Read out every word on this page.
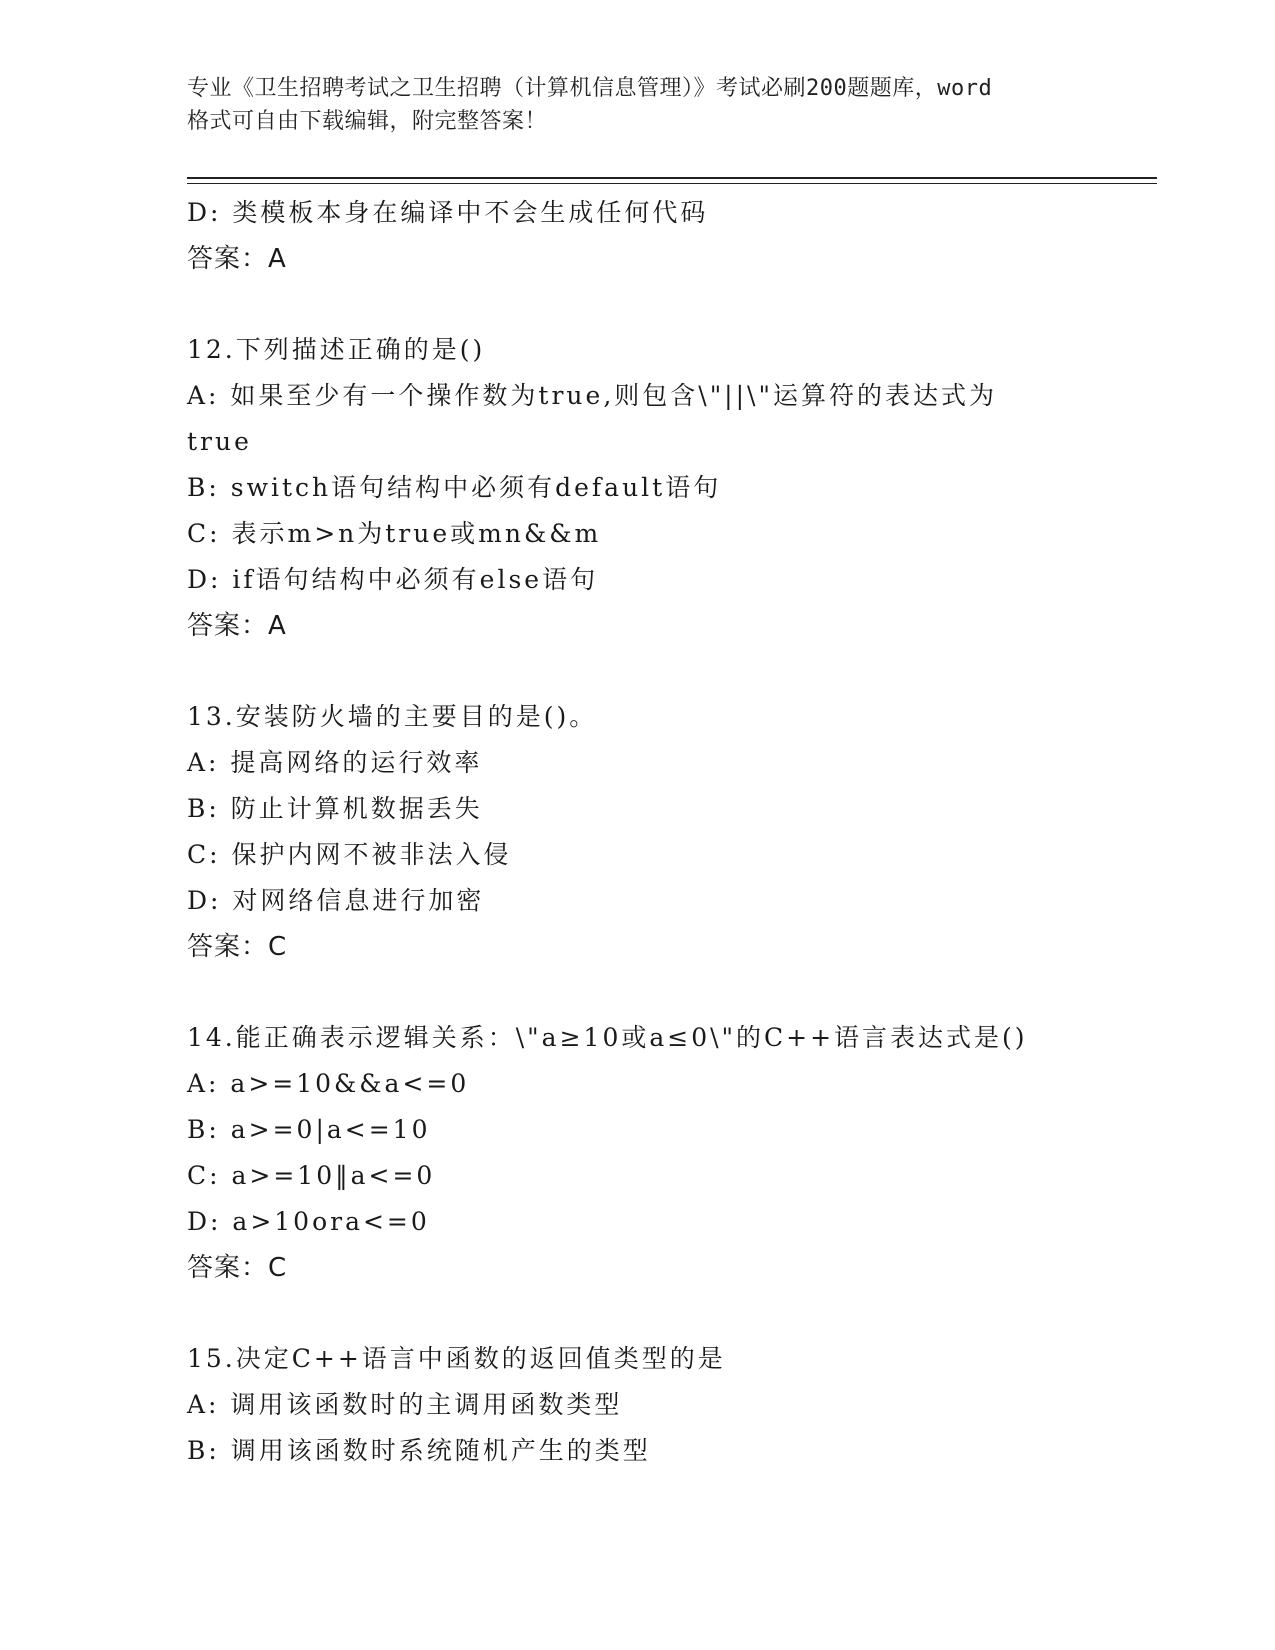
专业《卫生招聘考试之卫生招聘（计算机信息管理）》考试必刷200题题库，word
格式可自由下载编辑，附完整答案！
D: 类模板本身在编译中不会生成任何代码
答案：A
12.下列描述正确的是()
A: 如果至少有一个操作数为true,则包含\"||\"运算符的表达式为
true
B: switch语句结构中必须有default语句
C: 表示m>n为true或mn&&m
D: if语句结构中必须有else语句
答案：A
13.安装防火墙的主要目的是()。
A: 提高网络的运行效率
B: 防止计算机数据丢失
C: 保护内网不被非法入侵
D: 对网络信息进行加密
答案：C
14.能正确表示逻辑关系：\"a≥10或a≤0\"的C++语言表达式是()
A: a>=10&&a<=0
B: a>=0|a<=10
C: a>=10‖a<=0
D: a>10ora<=0
答案：C
15.决定C++语言中函数的返回值类型的是
A: 调用该函数时的主调用函数类型
B: 调用该函数时系统随机产生的类型
